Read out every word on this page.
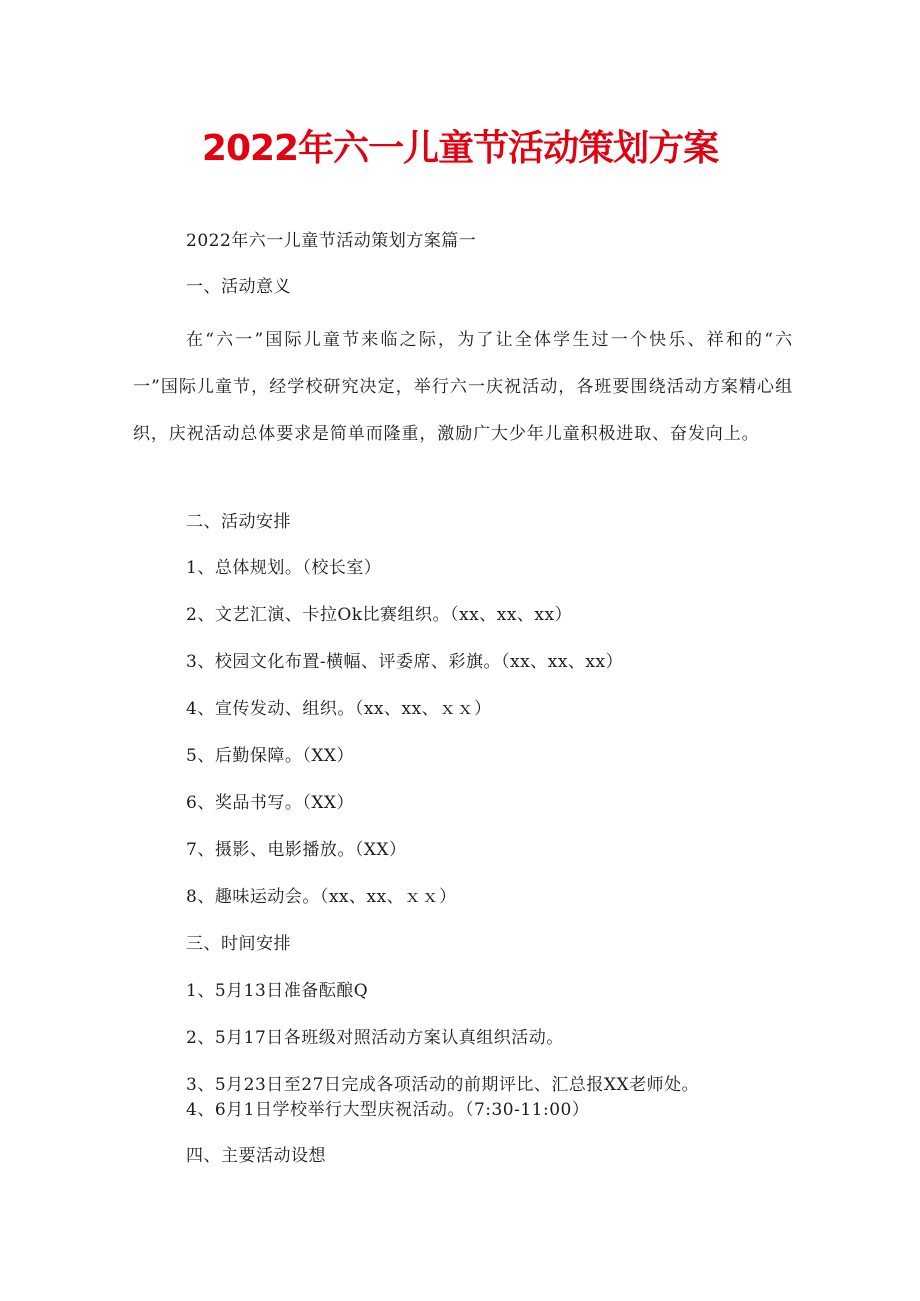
2022年六一儿童节活动策划方案
2022年六一儿童节活动策划方案篇一
一、活动意义
在“六一”国际儿童节来临之际，为了让全体学生过一个快乐、祥和的“六一”国际儿童节，经学校研究决定，举行六一庆祝活动，各班要围绕活动方案精心组织，庆祝活动总体要求是简单而隆重，激励广大少年儿童积极进取、奋发向上。
二、活动安排
1、总体规划。（校长室）
2、文艺汇演、卡拉Ok比赛组织。（xx、xx、xx）
3、校园文化布置-横幅、评委席、彩旗。（xx、xx、xx）
4、宣传发动、组织。（xx、xx、ｘｘ）
5、后勤保障。（XX）
6、奖品书写。（XX）
7、摄影、电影播放。（XX）
8、趣味运动会。（xx、xx、ｘｘ）
三、时间安排
1、5月13日准备酝酿Q
2、5月17日各班级对照活动方案认真组织活动。
3、5月23日至27日完成各项活动的前期评比、汇总报XX老师处。
4、6月1日学校举行大型庆祝活动。（7:30-11:00）
四、主要活动设想
